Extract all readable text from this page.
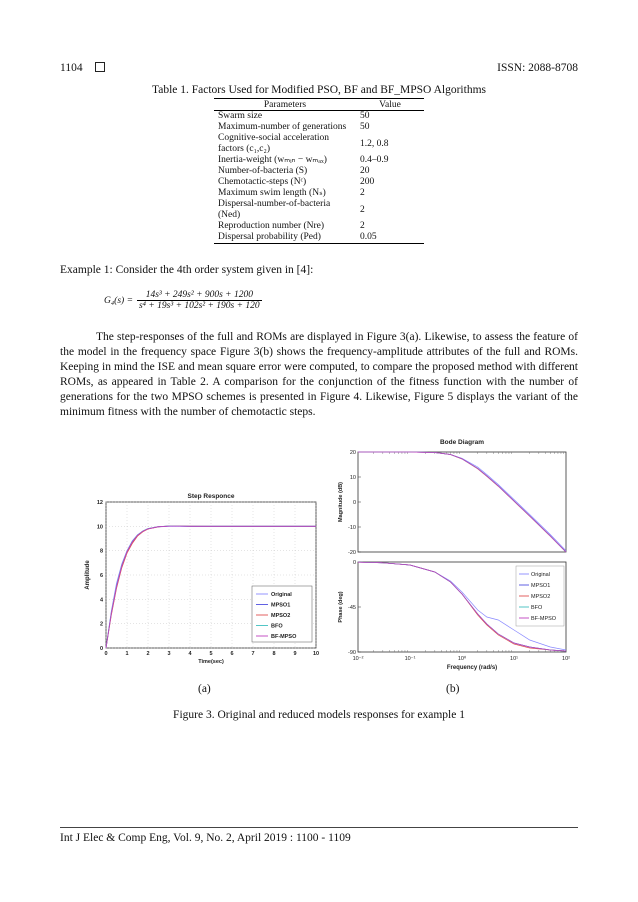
1104	ISSN: 2088-8708
Table 1. Factors Used for Modified PSO, BF and BF_MPSO Algorithms
Parameters	Value
Swarm size	50
Maximum-number of generations	50
Cognitive-social acceleration factors (c₁,c₂)	1.2, 0.8
Inertia-weight (wₘᵢₙ − wₘₐₓ)	0.4–0.9
Number-of-bacteria (S)	20
Chemotactic-steps (Nᶜ)	200
Maximum swim length (Nₛ)	2
Dispersal-number-of-bacteria (Ned)	2
Reproduction number (Nre)	2
Dispersal probability (Ped)	0.05
Example 1: Consider the 4th order system given in [4]:
G₄(s) =
14s³ + 249s² + 900s + 1200
s⁴ + 19s³ + 102s² + 190s + 120
The step-responses of the full and ROMs are displayed in Figure 3(a). Likewise, to assess the feature of the model in the frequency space Figure 3(b) shows the frequency-amplitude attributes of the full and ROMs. Keeping in mind the ISE and mean square error were computed, to compare the proposed method with different ROMs, as appeared in Table 2. A comparison for the conjunction of the fitness function with the number of generations for the two MPSO schemes is presented in Figure 4. Likewise, Figure 5 displays the variant of the minimum fitness with the number of chemotactic steps.
Step Responce
0
2
4
6
8
10
12
0	1	2	3	4	5	6	7	8	9	10
Time(sec)
Amplitude
Original
MPSO1
MPSO2
BFO
BF-MPSO
Bode Diagram
20
10
0
-10
-20
0
-45
-90
10⁻²	10⁻¹	10⁰	10¹	10²
Frequency (rad/s)
Magnitude (dB)
Phase (deg)
Original
MPSO1
MPSO2
BFO
BF-MPSO
(a)	(b)
Figure 3. Original and reduced models responses for example 1
Int J Elec & Comp Eng, Vol. 9, No. 2, April 2019 : 1100 - 1109
